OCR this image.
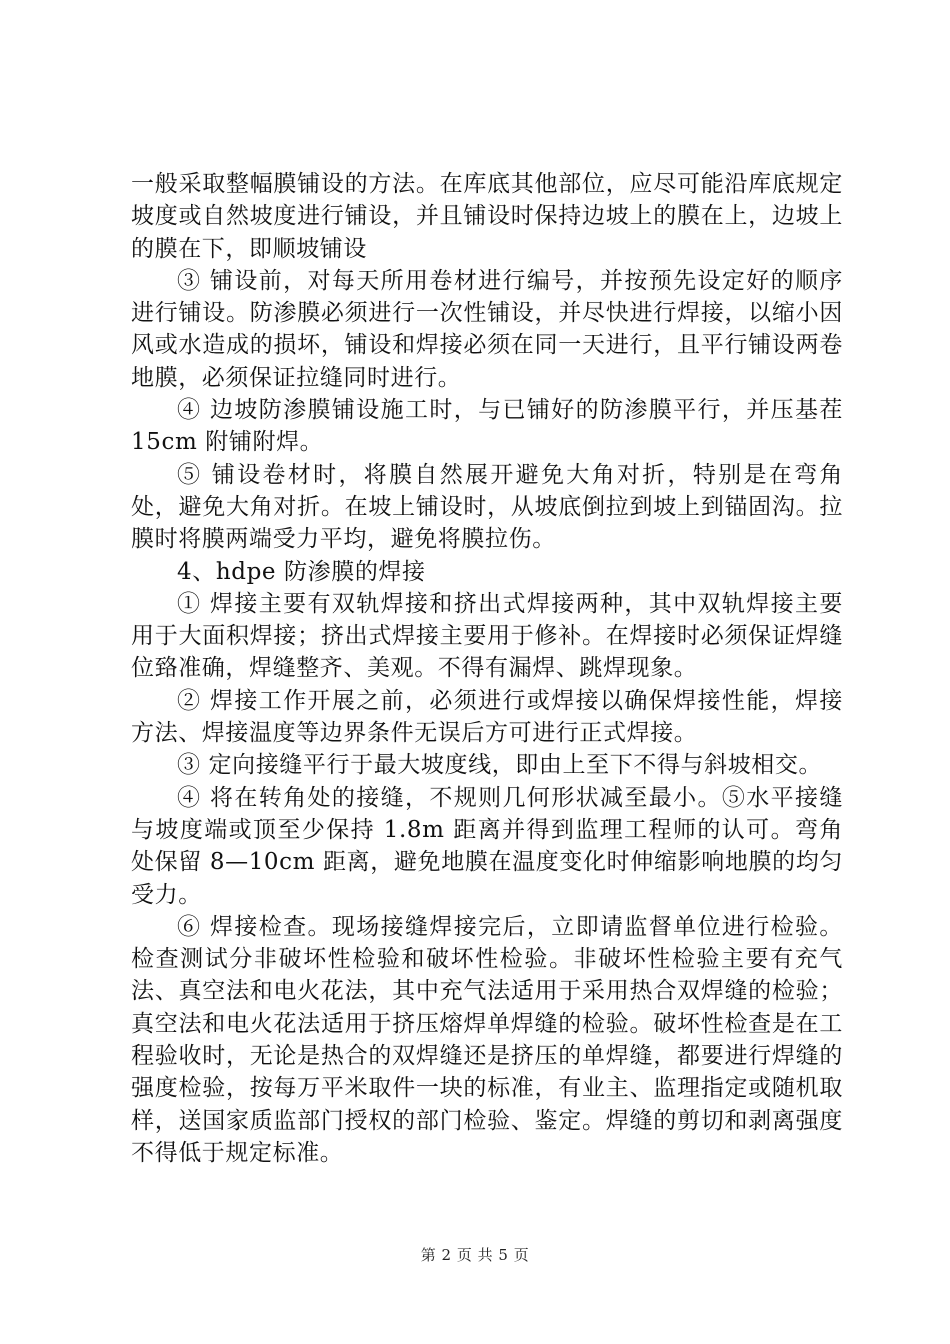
一般采取整幅膜铺设的方法。在库底其他部位，应尽可能沿库底规定坡度或自然坡度进行铺设，并且铺设时保持边坡上的膜在上，边坡上的膜在下，即顺坡铺设

③ 铺设前，对每天所用卷材进行编号，并按预先设定好的顺序进行铺设。防渗膜必须进行一次性铺设，并尽快进行焊接，以缩小因风或水造成的损坏，铺设和焊接必须在同一天进行，且平行铺设两卷地膜，必须保证拉缝同时进行。

④ 边坡防渗膜铺设施工时，与已铺好的防渗膜平行，并压基茬 15cm 附铺附焊。

⑤ 铺设卷材时，将膜自然展开避免大角对折，特别是在弯角处，避免大角对折。在坡上铺设时，从坡底倒拉到坡上到锚固沟。拉膜时将膜两端受力平均，避免将膜拉伤。

4、hdpe 防渗膜的焊接

① 焊接主要有双轨焊接和挤出式焊接两种，其中双轨焊接主要用于大面积焊接；挤出式焊接主要用于修补。在焊接时必须保证焊缝位臵准确，焊缝整齐、美观。不得有漏焊、跳焊现象。

② 焊接工作开展之前，必须进行或焊接以确保焊接性能，焊接方法、焊接温度等边界条件无误后方可进行正式焊接。

③ 定向接缝平行于最大坡度线，即由上至下不得与斜坡相交。

④ 将在转角处的接缝，不规则几何形状减至最小。⑤水平接缝与坡度端或顶至少保持 1.8m 距离并得到监理工程师的认可。弯角处保留 8—10cm 距离，避免地膜在温度变化时伸缩影响地膜的均匀受力。

⑥ 焊接检查。现场接缝焊接完后，立即请监督单位进行检验。检查测试分非破坏性检验和破坏性检验。非破坏性检验主要有充气法、真空法和电火花法，其中充气法适用于采用热合双焊缝的检验；真空法和电火花法适用于挤压熔焊单焊缝的检验。破坏性检查是在工程验收时，无论是热合的双焊缝还是挤压的单焊缝，都要进行焊缝的强度检验，按每万平米取件一块的标准，有业主、监理指定或随机取样，送国家质监部门授权的部门检验、鉴定。焊缝的剪切和剥离强度不得低于规定标准。

第 2 页 共 5 页
